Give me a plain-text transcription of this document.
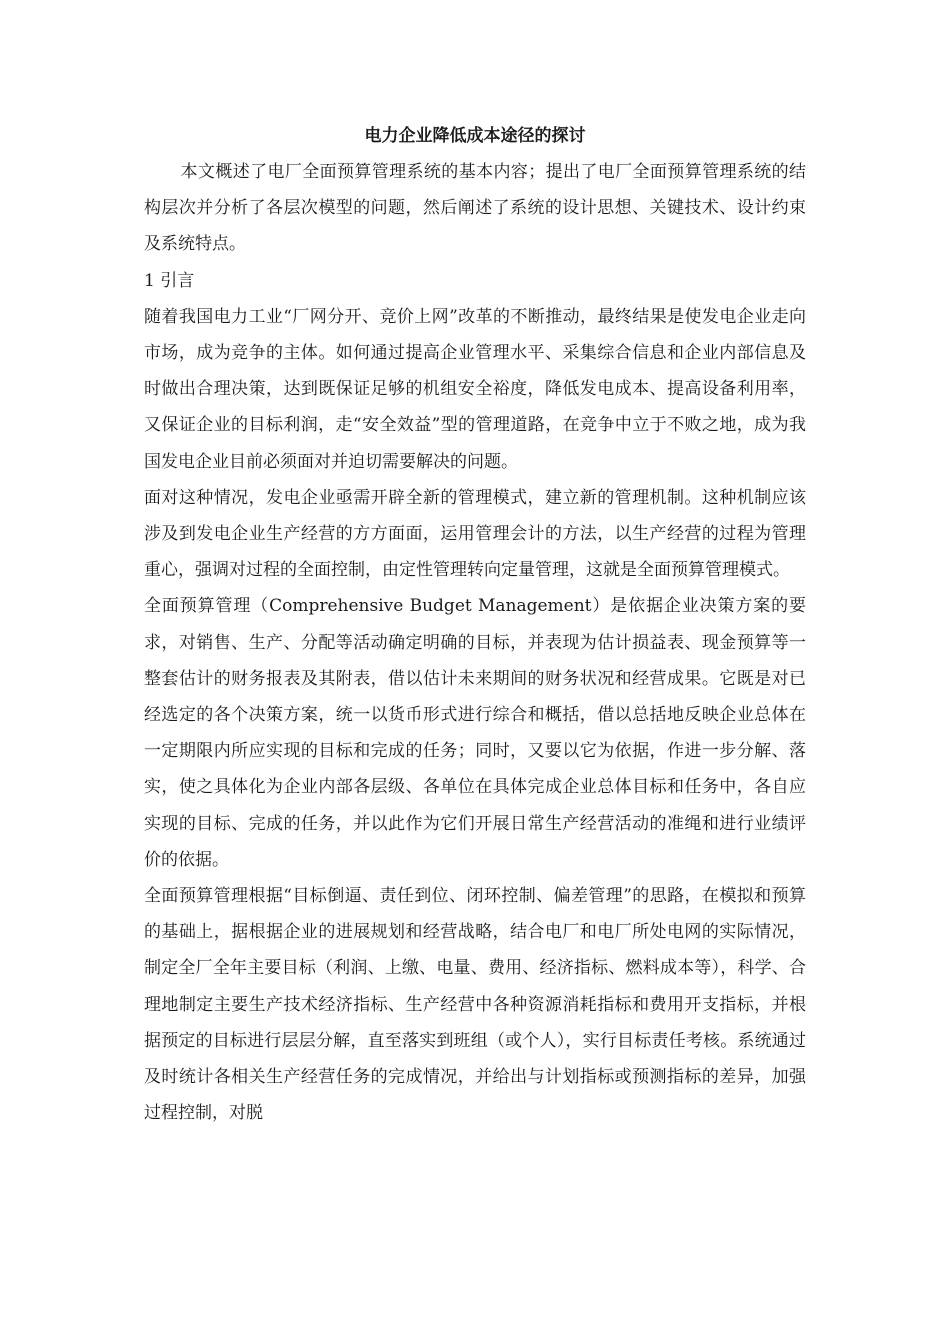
电力企业降低成本途径的探讨

本文概述了电厂全面预算管理系统的基本内容；提出了电厂全面预算管理系统的结构层次并分析了各层次模型的问题，然后阐述了系统的设计思想、关键技术、设计约束及系统特点。

1 引言

随着我国电力工业“厂网分开、竞价上网”改革的不断推动，最终结果是使发电企业走向市场，成为竞争的主体。如何通过提高企业管理水平、采集综合信息和企业内部信息及时做出合理决策，达到既保证足够的机组安全裕度，降低发电成本、提高设备利用率，又保证企业的目标利润，走“安全效益”型的管理道路，在竞争中立于不败之地，成为我国发电企业目前必须面对并迫切需要解决的问题。

面对这种情况，发电企业亟需开辟全新的管理模式，建立新的管理机制。这种机制应该涉及到发电企业生产经营的方方面面，运用管理会计的方法，以生产经营的过程为管理重心，强调对过程的全面控制，由定性管理转向定量管理，这就是全面预算管理模式。

全面预算管理（Comprehensive Budget Management）是依据企业决策方案的要求，对销售、生产、分配等活动确定明确的目标，并表现为估计损益表、现金预算等一整套估计的财务报表及其附表，借以估计未来期间的财务状况和经营成果。它既是对已经选定的各个决策方案，统一以货币形式进行综合和概括，借以总括地反映企业总体在一定期限内所应实现的目标和完成的任务；同时，又要以它为依据，作进一步分解、落实，使之具体化为企业内部各层级、各单位在具体完成企业总体目标和任务中，各自应实现的目标、完成的任务，并以此作为它们开展日常生产经营活动的准绳和进行业绩评价的依据。

全面预算管理根据“目标倒逼、责任到位、闭环控制、偏差管理”的思路，在模拟和预算的基础上，据根据企业的进展规划和经营战略，结合电厂和电厂所处电网的实际情况，制定全厂全年主要目标（利润、上缴、电量、费用、经济指标、燃料成本等），科学、合理地制定主要生产技术经济指标、生产经营中各种资源消耗指标和费用开支指标，并根据预定的目标进行层层分解，直至落实到班组（或个人），实行目标责任考核。系统通过及时统计各相关生产经营任务的完成情况，并给出与计划指标或预测指标的差异，加强过程控制，对脱
